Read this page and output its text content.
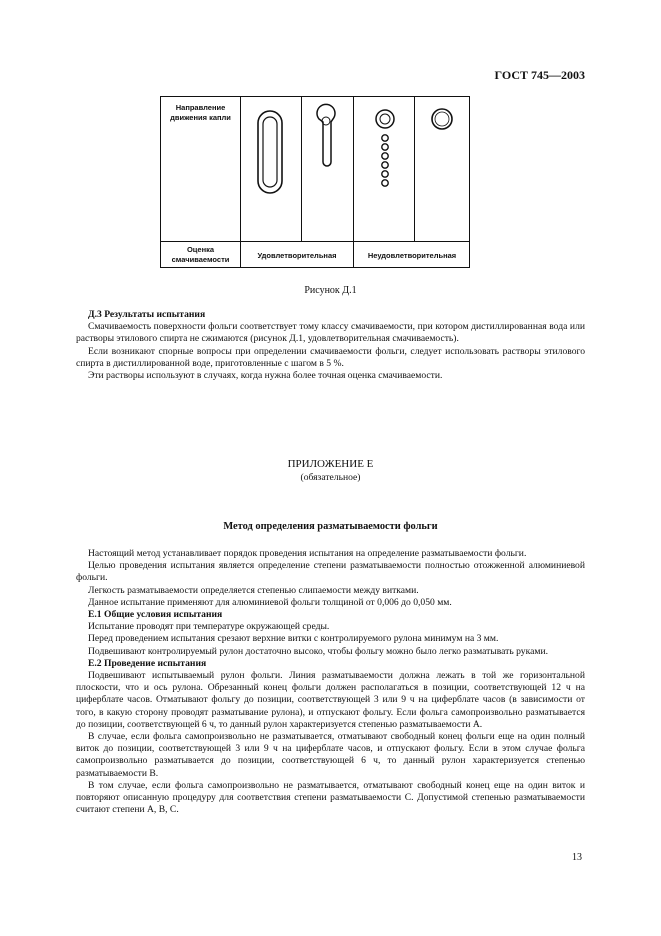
ГОСТ 745—2003
Направление движения капли
Оценка смачиваемости	Удовлетворительная	Неудовлетворительная
Рисунок Д.1

Д.3 Результаты испытания

Смачиваемость поверхности фольги соответствует тому классу смачиваемости, при котором дистиллированная вода или растворы этилового спирта не сжимаются (рисунок Д.1, удовлетворительная смачиваемость).

Если возникают спорные вопросы при определении смачиваемости фольги, следует использовать растворы этилового спирта в дистиллированной воде, приготовленные с шагом в 5 %.

Эти растворы используют в случаях, когда нужна более точная оценка смачиваемости.

ПРИЛОЖЕНИЕ Е
(обязательное)
Метод определения разматываемости фольги

Настоящий метод устанавливает порядок проведения испытания на определение разматываемости фольги.

Целью проведения испытания является определение степени разматываемости полностью отожженной алюминиевой фольги.

Легкость разматываемости определяется степенью слипаемости между витками.

Данное испытание применяют для алюминиевой фольги толщиной от 0,006 до 0,050 мм.

Е.1 Общие условия испытания

Испытание проводят при температуре окружающей среды.

Перед проведением испытания срезают верхние витки с контролируемого рулона минимум на 3 мм.

Подвешивают контролируемый рулон достаточно высоко, чтобы фольгу можно было легко разматывать руками.

Е.2 Проведение испытания

Подвешивают испытываемый рулон фольги. Линия разматываемости должна лежать в той же горизонтальной плоскости, что и ось рулона. Обрезанный конец фольги должен располагаться в позиции, соответствующей 12 ч на циферблате часов. Отматывают фольгу до позиции, соответствующей 3 или 9 ч на циферблате часов (в зависимости от того, в какую сторону проводят разматывание рулона), и отпускают фольгу. Если фольга самопроизвольно разматывается до позиции, соответствующей 6 ч, то данный рулон характеризуется степенью разматываемости А.

В случае, если фольга самопроизвольно не разматывается, отматывают свободный конец фольги еще на один полный виток до позиции, соответствующей 3 или 9 ч на циферблате часов, и отпускают фольгу. Если в этом случае фольга самопроизвольно разматывается до позиции, соответствующей 6 ч, то данный рулон характеризуется степенью разматываемости В.

В том случае, если фольга самопроизвольно не разматывается, отматывают свободный конец еще на один виток и повторяют описанную процедуру для соответствия степени разматываемости С. Допустимой степенью разматываемости считают степени А, В, С.

13
